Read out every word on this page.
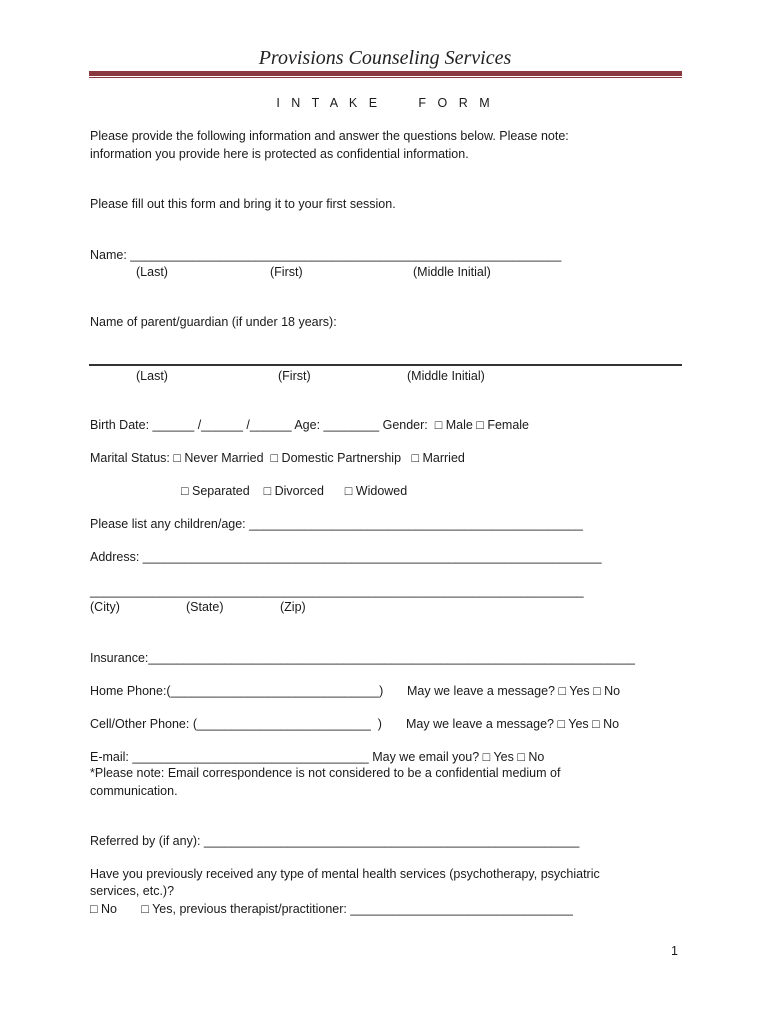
Provisions Counseling Services
I N T A K E     F O R M
Please provide the following information and answer the questions below. Please note:
information you provide here is protected as confidential information.
Please fill out this form and bring it to your first session.
Name: ______________________________________________________________
(Last)	(First)	(Middle Initial)
Name of parent/guardian (if under 18 years):
(Last)	(First)	(Middle Initial)
Birth Date: ______ /______ /______ Age: ________ Gender:  □ Male □ Female
Marital Status: □ Never Married  □ Domestic Partnership   □ Married
□ Separated    □ Divorced      □ Widowed
Please list any children/age: ________________________________________________
Address: __________________________________________________________________
_______________________________________________________________________
(City)	(State)	(Zip)
Insurance:______________________________________________________________________
Home Phone:(______________________________) May we leave a message? □ Yes □ No
Cell/Other Phone: (_________________________  ) May we leave a message? □ Yes □ No
E-mail: __________________________________ May we email you? □ Yes □ No
*Please note: Email correspondence is not considered to be a confidential medium of
communication.
Referred by (if any): ______________________________________________________
Have you previously received any type of mental health services (psychotherapy, psychiatric
services, etc.)?
□ No       □ Yes, previous therapist/practitioner: ________________________________
1
